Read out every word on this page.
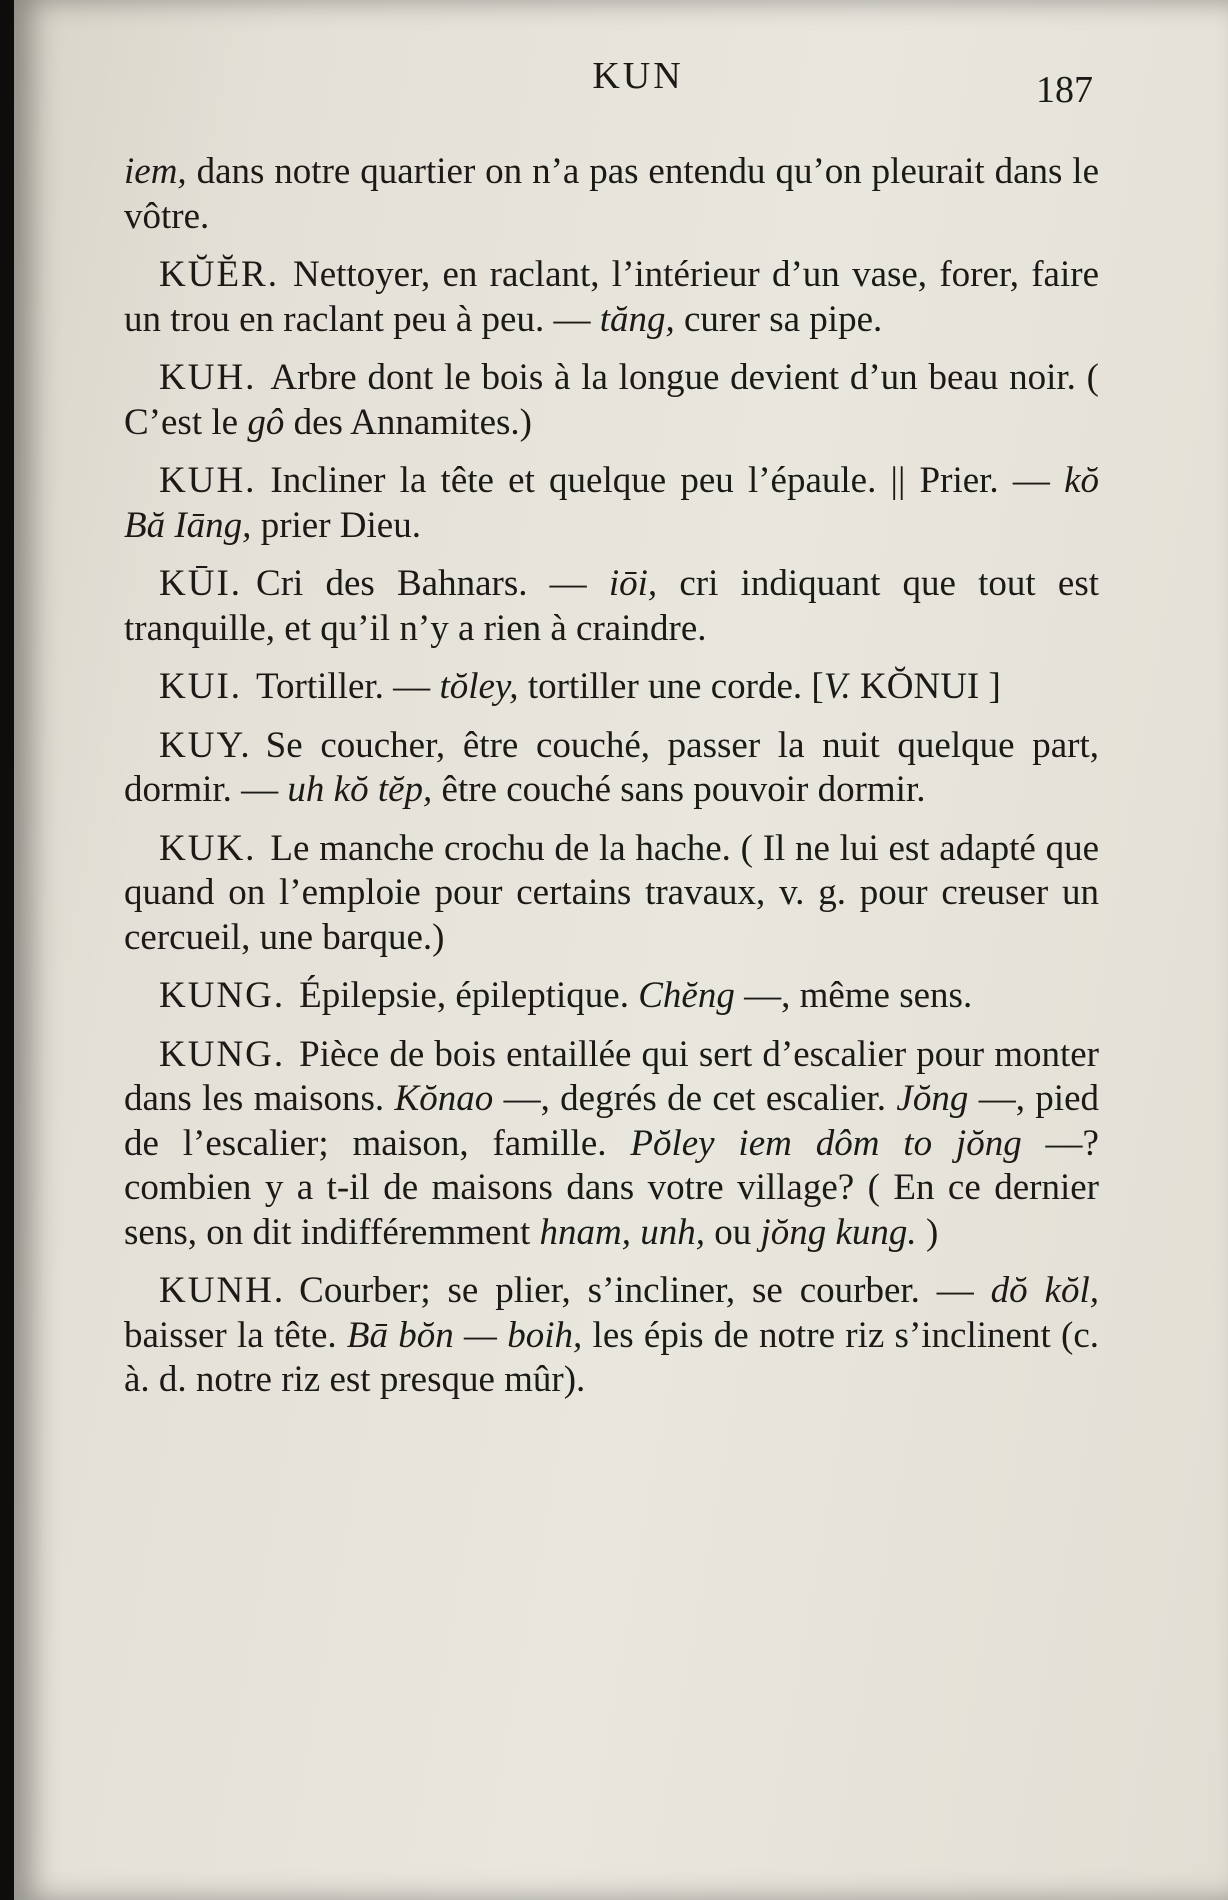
KUN	187

iem, dans notre quartier on n’a pas entendu qu’on pleurait dans le vôtre.

KŬĔR. Nettoyer, en raclant, l’intérieur d’un vase, forer, faire un trou en raclant peu à peu. — tăng, curer sa pipe.

KUH. Arbre dont le bois à la longue devient d’un beau noir. ( C’est le gô des Annamites.)

KUH. Incliner la tête et quelque peu l’épaule. || Prier. — kŏ Bă Iāng, prier Dieu.

KŪI. Cri des Bahnars. — iōi, cri indiquant que tout est tranquille, et qu’il n’y a rien à craindre.

KUI. Tortiller. — tŏley, tortiller une corde. [V. KŎNUI ]

KUY. Se coucher, être couché, passer la nuit quelque part, dormir. — uh kŏ tĕp, être couché sans pouvoir dormir.

KUK. Le manche crochu de la hache. ( Il ne lui est adapté que quand on l’emploie pour certains travaux, v. g. pour creuser un cercueil, une barque.)

KUNG. Épilepsie, épileptique. Chĕng —, même sens.

KUNG. Pièce de bois entaillée qui sert d’escalier pour monter dans les maisons. Kŏnao —, degrés de cet escalier. Jŏng —, pied de l’escalier; maison, famille. Pŏley iem dôm to jŏng —? combien y a t-il de maisons dans votre village? ( En ce dernier sens, on dit indifféremment hnam, unh, ou jŏng kung. )

KUNH. Courber; se plier, s’incliner, se courber. — dŏ kŏl, baisser la tête. Bā bŏn — boih, les épis de notre riz s’inclinent (c. à. d. notre riz est presque mûr).
